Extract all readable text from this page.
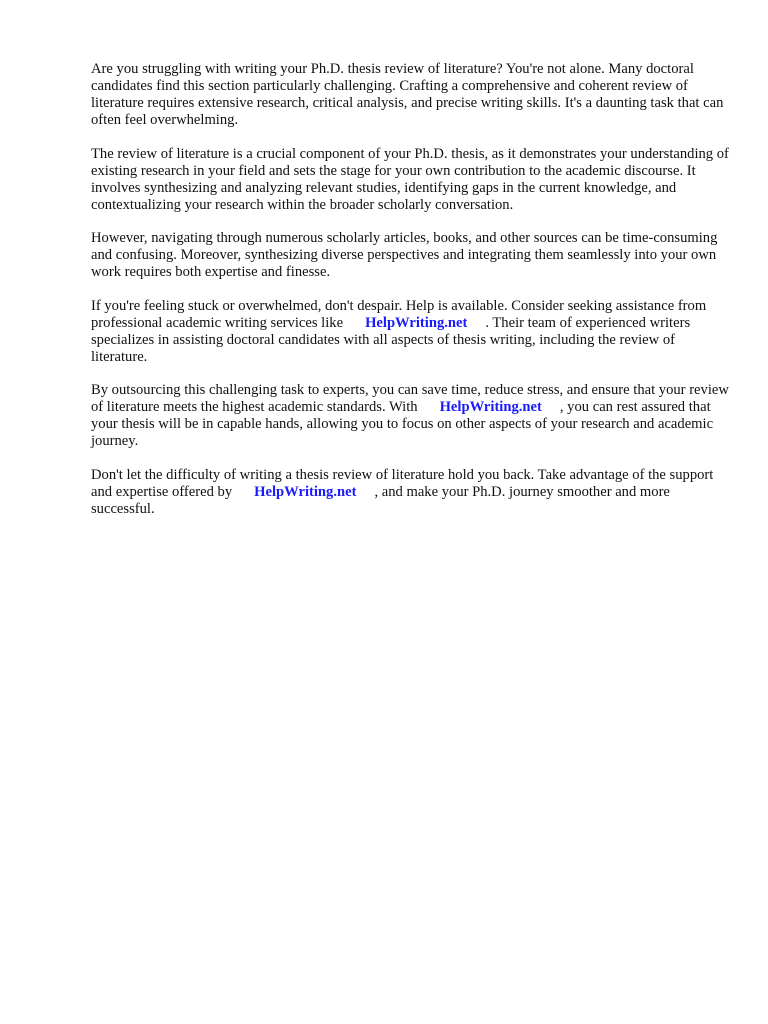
Are you struggling with writing your Ph.D. thesis review of literature? You're not alone. Many doctoral candidates find this section particularly challenging. Crafting a comprehensive and coherent review of literature requires extensive research, critical analysis, and precise writing skills. It's a daunting task that can often feel overwhelming.

The review of literature is a crucial component of your Ph.D. thesis, as it demonstrates your understanding of existing research in your field and sets the stage for your own contribution to the academic discourse. It involves synthesizing and analyzing relevant studies, identifying gaps in the current knowledge, and contextualizing your research within the broader scholarly conversation.

However, navigating through numerous scholarly articles, books, and other sources can be time-consuming and confusing. Moreover, synthesizing diverse perspectives and integrating them seamlessly into your own work requires both expertise and finesse.

If you're feeling stuck or overwhelmed, don't despair. Help is available. Consider seeking assistance from professional academic writing services like HelpWriting.net . Their team of experienced writers specializes in assisting doctoral candidates with all aspects of thesis writing, including the review of literature.

By outsourcing this challenging task to experts, you can save time, reduce stress, and ensure that your review of literature meets the highest academic standards. With HelpWriting.net , you can rest assured that your thesis will be in capable hands, allowing you to focus on other aspects of your research and academic journey.

Don't let the difficulty of writing a thesis review of literature hold you back. Take advantage of the support and expertise offered by HelpWriting.net , and make your Ph.D. journey smoother and more successful.
